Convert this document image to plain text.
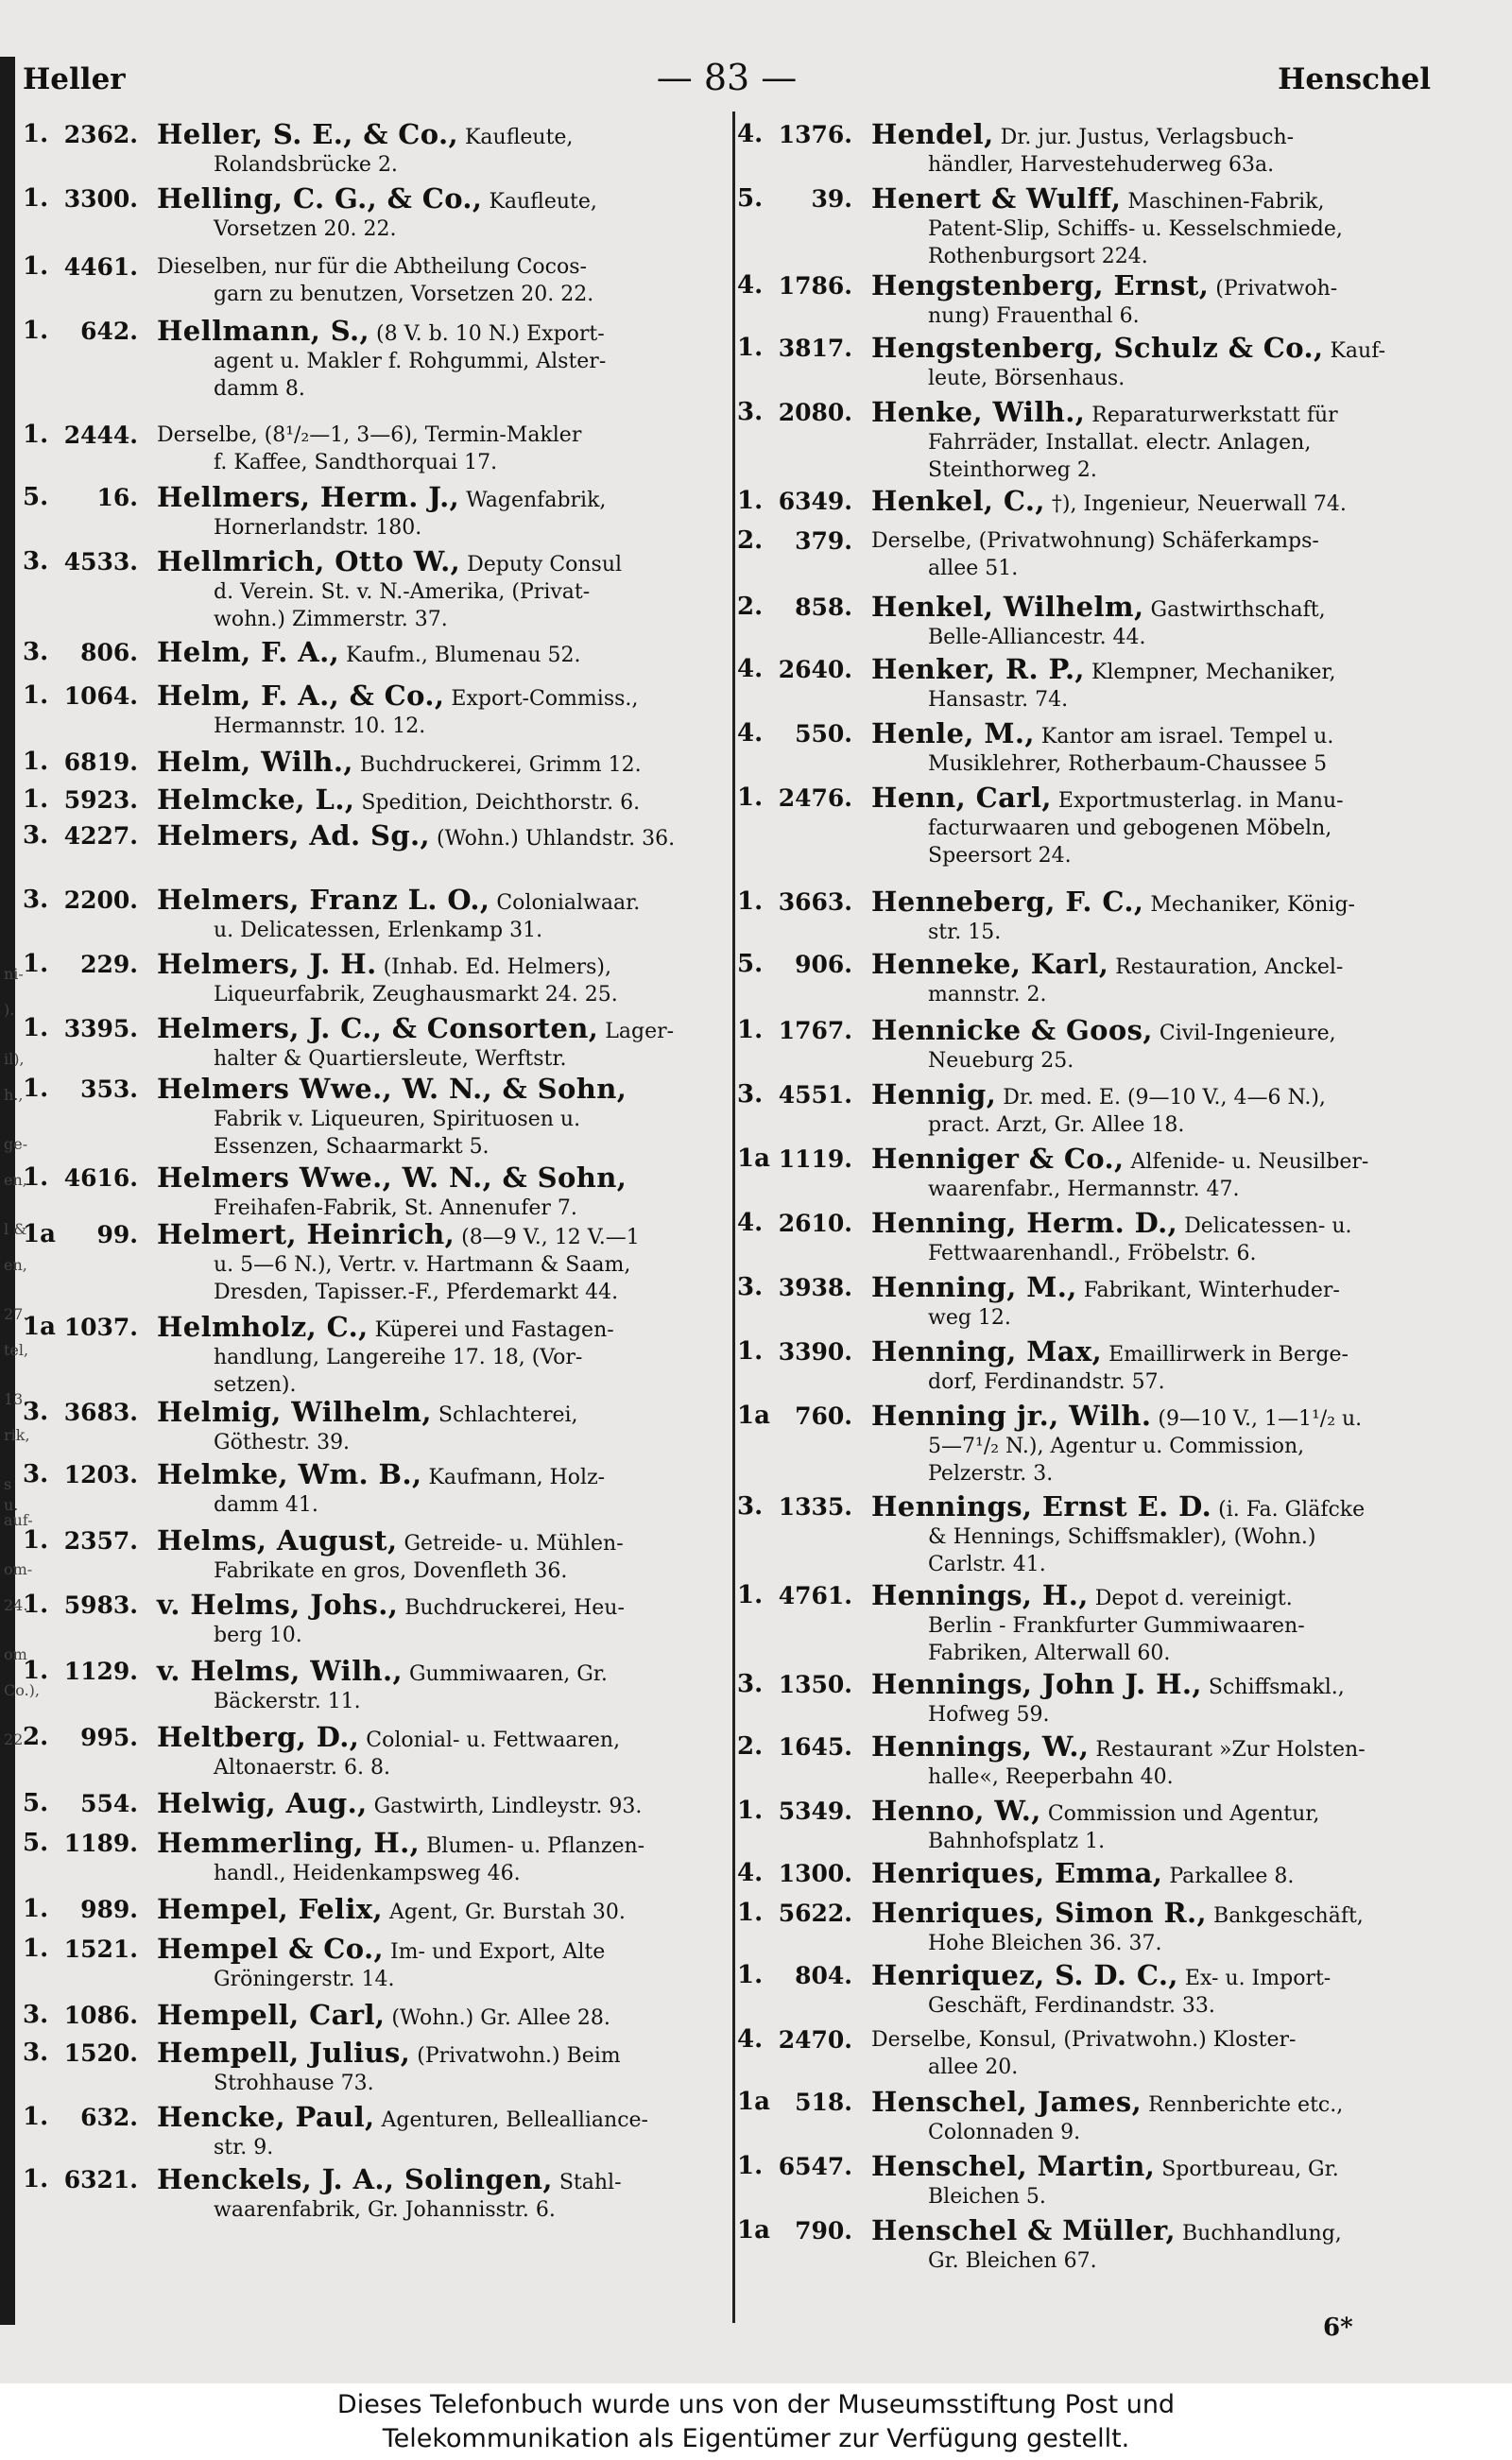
ni-
).
il),
h.,
ge-
en,
l &
en,
27.
tel,
13.
rik,
s u.
auf-
om-
24.
om
Co.),
22.
Heller	— 83 —	Henschel
1. 2362. Heller, S. E., & Co., Kaufleute,
Rolandsbrücke 2.
1. 3300. Helling, C. G., & Co., Kaufleute,
Vorsetzen 20. 22.
1. 4461. Dieselben, nur für die Abtheilung Cocos-
garn zu benutzen, Vorsetzen 20. 22.
1.	642. Hellmann, S., (8 V. b. 10 N.) Export-
agent u. Makler f. Rohgummi, Alster-
damm 8.
1. 2444. Derselbe, (8¹/₂—1, 3—6), Termin-Makler
f. Kaffee, Sandthorquai 17.
5.	16. Hellmers, Herm. J., Wagenfabrik,
Hornerlandstr. 180.
3. 4533. Hellmrich, Otto W., Deputy Consul
d. Verein. St. v. N.-Amerika, (Privat-
wohn.) Zimmerstr. 37.
3.	806. Helm, F. A., Kaufm., Blumenau 52.
1. 1064. Helm, F. A., & Co., Export-Commiss.,
Hermannstr. 10. 12.
1. 6819. Helm, Wilh., Buchdruckerei, Grimm 12.
1. 5923. Helmcke, L., Spedition, Deichthorstr. 6.
3. 4227. Helmers, Ad. Sg., (Wohn.) Uhlandstr. 36.
3. 2200. Helmers, Franz L. O., Colonialwaar.
u. Delicatessen, Erlenkamp 31.
1.	229. Helmers, J. H. (Inhab. Ed. Helmers),
Liqueurfabrik, Zeughausmarkt 24. 25.
1. 3395. Helmers, J. C., & Consorten, Lager-
halter & Quartiersleute, Werftstr.
1.	353. Helmers Wwe., W. N., & Sohn,
Fabrik v. Liqueuren, Spirituosen u.
Essenzen, Schaarmarkt 5.
1. 4616. Helmers Wwe., W. N., & Sohn,
Freihafen-Fabrik, St. Annenufer 7.
1a	99. Helmert, Heinrich, (8—9 V., 12 V.—1
u. 5—6 N.), Vertr. v. Hartmann & Saam,
Dresden, Tapisser.-F., Pferdemarkt 44.
1a 1037. Helmholz, C., Küperei und Fastagen-
handlung, Langereihe 17. 18, (Vor-
setzen).
3. 3683. Helmig, Wilhelm, Schlachterei,
Göthestr. 39.
3. 1203. Helmke, Wm. B., Kaufmann, Holz-
damm 41.
1. 2357. Helms, August, Getreide- u. Mühlen-
Fabrikate en gros, Dovenfleth 36.
1. 5983. v. Helms, Johs., Buchdruckerei, Heu-
berg 10.
1. 1129. v. Helms, Wilh., Gummiwaaren, Gr.
Bäckerstr. 11.
2.	995. Heltberg, D., Colonial- u. Fettwaaren,
Altonaerstr. 6. 8.
5.	554. Helwig, Aug., Gastwirth, Lindleystr. 93.
5. 1189. Hemmerling, H., Blumen- u. Pflanzen-
handl., Heidenkampsweg 46.
1.	989. Hempel, Felix, Agent, Gr. Burstah 30.
1. 1521. Hempel & Co., Im- und Export, Alte
Gröningerstr. 14.
3. 1086. Hempell, Carl, (Wohn.) Gr. Allee 28.
3. 1520. Hempell, Julius, (Privatwohn.) Beim
Strohhause 73.
1.	632. Hencke, Paul, Agenturen, Bellealliance-
str. 9.
1. 6321. Henckels, J. A., Solingen, Stahl-
waarenfabrik, Gr. Johannisstr. 6.
4. 1376. Hendel, Dr. jur. Justus, Verlagsbuch-
händler, Harvestehuderweg 63a.
5.	39. Henert & Wulff, Maschinen-Fabrik,
Patent-Slip, Schiffs- u. Kesselschmiede,
Rothenburgsort 224.
4. 1786. Hengstenberg, Ernst, (Privatwoh-
nung) Frauenthal 6.
1. 3817. Hengstenberg, Schulz & Co., Kauf-
leute, Börsenhaus.
3. 2080. Henke, Wilh., Reparaturwerkstatt für
Fahrräder, Installat. electr. Anlagen,
Steinthorweg 2.
1. 6349. Henkel, C., †), Ingenieur, Neuerwall 74.
2.	379. Derselbe, (Privatwohnung) Schäferkamps-
allee 51.
2.	858. Henkel, Wilhelm, Gastwirthschaft,
Belle-Alliancestr. 44.
4. 2640. Henker, R. P., Klempner, Mechaniker,
Hansastr. 74.
4.	550. Henle, M., Kantor am israel. Tempel u.
Musiklehrer, Rotherbaum-Chaussee 5
1. 2476. Henn, Carl, Exportmusterlag. in Manu-
facturwaaren und gebogenen Möbeln,
Speersort 24.
1. 3663. Henneberg, F. C., Mechaniker, König-
str. 15.
5.	906. Henneke, Karl, Restauration, Anckel-
mannstr. 2.
1. 1767. Hennicke & Goos, Civil-Ingenieure,
Neueburg 25.
3. 4551. Hennig, Dr. med. E. (9—10 V., 4—6 N.),
pract. Arzt, Gr. Allee 18.
1a 1119. Henniger & Co., Alfenide- u. Neusilber-
waarenfabr., Hermannstr. 47.
4. 2610. Henning, Herm. D., Delicatessen- u.
Fettwaarenhandl., Fröbelstr. 6.
3. 3938. Henning, M., Fabrikant, Winterhuder-
weg 12.
1. 3390. Henning, Max, Emaillirwerk in Berge-
dorf, Ferdinandstr. 57.
1a	760. Henning jr., Wilh. (9—10 V., 1—1¹/₂ u.
5—7¹/₂ N.), Agentur u. Commission,
Pelzerstr. 3.
3. 1335. Hennings, Ernst E. D. (i. Fa. Gläfcke
& Hennings, Schiffsmakler), (Wohn.)
Carlstr. 41.
1. 4761. Hennings, H., Depot d. vereinigt.
Berlin - Frankfurter Gummiwaaren-
Fabriken, Alterwall 60.
3. 1350. Hennings, John J. H., Schiffsmakl.,
Hofweg 59.
2. 1645. Hennings, W., Restaurant »Zur Holsten-
halle«, Reeperbahn 40.
1. 5349. Henno, W., Commission und Agentur,
Bahnhofsplatz 1.
4. 1300. Henriques, Emma, Parkallee 8.
1. 5622. Henriques, Simon R., Bankgeschäft,
Hohe Bleichen 36. 37.
1.	804. Henriquez, S. D. C., Ex- u. Import-
Geschäft, Ferdinandstr. 33.
4. 2470. Derselbe, Konsul, (Privatwohn.) Kloster-
allee 20.
1a	518. Henschel, James, Rennberichte etc.,
Colonnaden 9.
1. 6547. Henschel, Martin, Sportbureau, Gr.
Bleichen 5.
1a	790. Henschel & Müller, Buchhandlung,
Gr. Bleichen 67.
6*
Dieses Telefonbuch wurde uns von der Museumsstiftung Post und
Telekommunikation als Eigentümer zur Verfügung gestellt.
